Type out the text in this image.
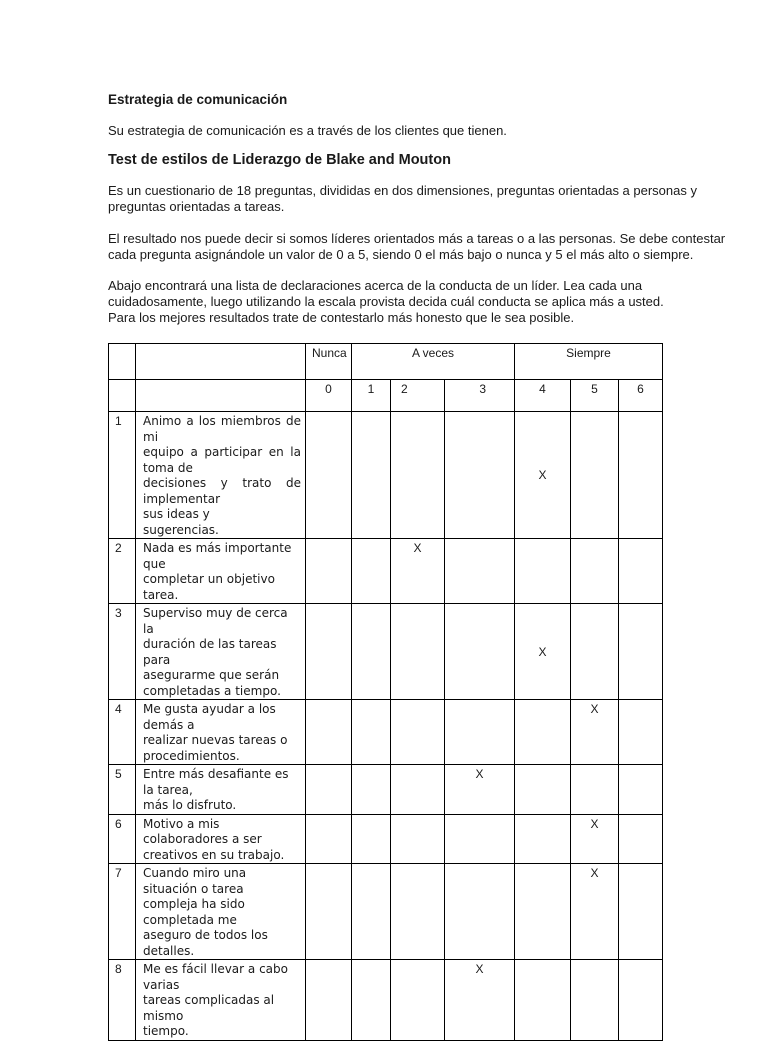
Estrategia de comunicación
Su estrategia de comunicación es a través de los clientes que tienen.
Test de estilos de Liderazgo de Blake and Mouton
Es un cuestionario de 18 preguntas, divididas en dos dimensiones, preguntas orientadas a personas y
preguntas orientadas a tareas.
El resultado nos puede decir si somos líderes orientados más a tareas o a las personas. Se debe contestar
cada pregunta asignándole un valor de 0 a 5, siendo 0 el más bajo o nunca y 5 el más alto o siempre.
Abajo encontrará una lista de declaraciones acerca de la conducta de un líder. Lea cada una
cuidadosamente, luego utilizando la escala provista decida cuál conducta se aplica más a usted.
Para los mejores resultados trate de contestarlo más honesto que le sea posible.
		Nunca	A veces			Siempre		
		0	1	2	3	4	5	6
1	Animo a los miembros de mi
equipo a participar en la toma de
decisiones y trato de implementar
sus ideas y
sugerencias.					X		
2	Nada es más importante que
completar un objetivo tarea.			X				
3	Superviso muy de cerca la
duración de las tareas para
asegurarme que serán
completadas a tiempo.					X		
4	Me gusta ayudar a los demás a
realizar nuevas tareas o
procedimientos.						X	
5	Entre más desafiante es la tarea,
más lo disfruto.				X			
6	Motivo a mis colaboradores a ser
creativos en su trabajo.						X	
7	Cuando miro una situación o tarea
compleja ha sido completada me
aseguro de todos los detalles.						X	
8	Me es fácil llevar a cabo varias
tareas complicadas al mismo
tiempo.				X			
